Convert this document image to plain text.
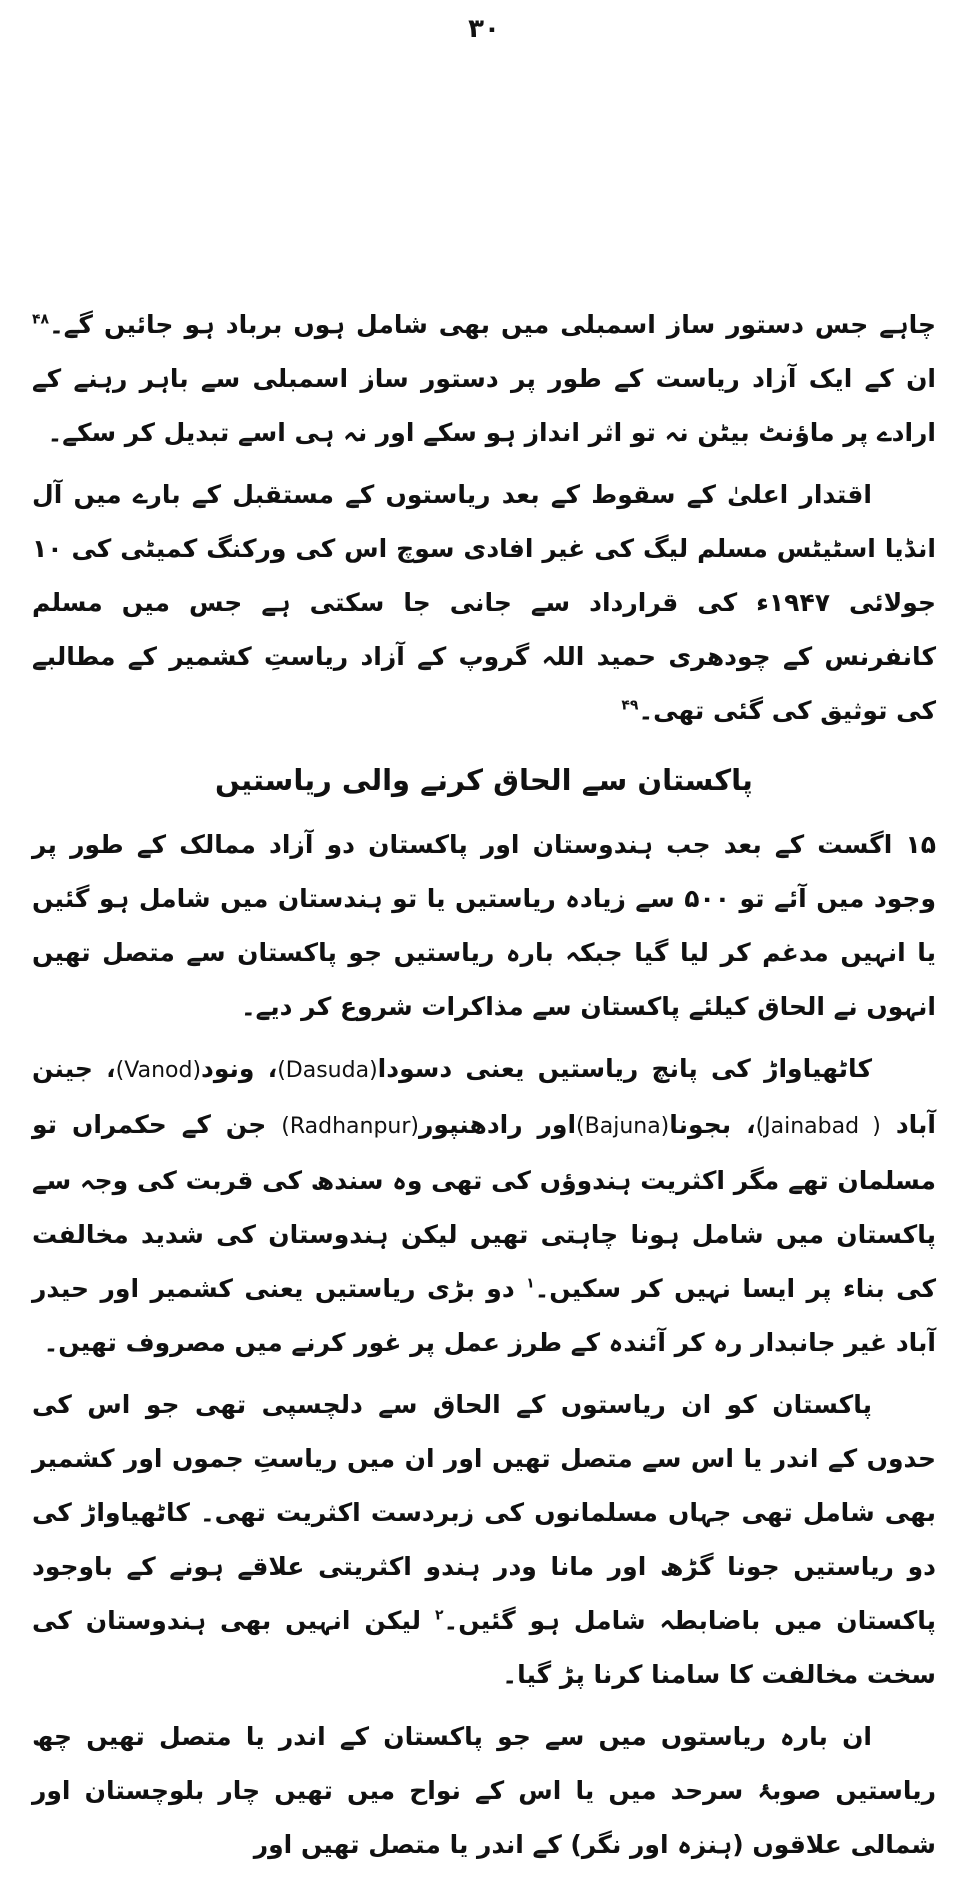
۳۰

چاہے جس دستور ساز اسمبلی میں بھی شامل ہوں برباد ہو جائیں گے۔$^{۴۸}$ ان کے ایک آزاد ریاست کے طور پر دستور ساز اسمبلی سے باہر رہنے کے ارادے پر ماؤنٹ بیٹن نہ تو اثر انداز ہو سکے اور نہ ہی اسے تبدیل کر سکے۔

اقتدار اعلیٰ کے سقوط کے بعد ریاستوں کے مستقبل کے بارے میں آل انڈیا اسٹیٹس مسلم لیگ کی غیر افادی سوچ اس کی ورکنگ کمیٹی کی ۱۰ جولائی ۱۹۴۷ء کی قرارداد سے جانی جا سکتی ہے جس میں مسلم کانفرنس کے چودھری حمید اللہ گروپ کے آزاد ریاستِ کشمیر کے مطالبے کی توثیق کی گئی تھی۔$^{۴۹}$

پاکستان سے الحاق کرنے والی ریاستیں

۱۵ اگست کے بعد جب ہندوستان اور پاکستان دو آزاد ممالک کے طور پر وجود میں آئے تو ۵۰۰ سے زیادہ ریاستیں یا تو ہندستان میں شامل ہو گئیں یا انہیں مدغم کر لیا گیا جبکہ بارہ ریاستیں جو پاکستان سے متصل تھیں انہوں نے الحاق کیلئے پاکستان سے مذاکرات شروع کر دیے۔

کاٹھیاواڑ کی پانچ ریاستیں یعنی دسودا(Dasuda)، ونود(Vanod)، جینن آباد (Jainabad )، بجونا(Bajuna)اور رادھنپور(Radhanpur) جن کے حکمراں تو مسلمان تھے مگر اکثریت ہندوؤں کی تھی وہ سندھ کی قربت کی وجہ سے پاکستان میں شامل ہونا چاہتی تھیں لیکن ہندوستان کی شدید مخالفت کی بناء پر ایسا نہیں کر سکیں۔$^۱$ دو بڑی ریاستیں یعنی کشمیر اور حیدر آباد غیر جانبدار رہ کر آئندہ کے طرز عمل پر غور کرنے میں مصروف تھیں۔

پاکستان کو ان ریاستوں کے الحاق سے دلچسپی تھی جو اس کی حدوں کے اندر یا اس سے متصل تھیں اور ان میں ریاستِ جموں اور کشمیر بھی شامل تھی جہاں مسلمانوں کی زبردست اکثریت تھی۔ کاٹھیاواڑ کی دو ریاستیں جونا گڑھ اور مانا ودر ہندو اکثریتی علاقے ہونے کے باوجود پاکستان میں باضابطہ شامل ہو گئیں۔$^۲$ لیکن انہیں بھی ہندوستان کی سخت مخالفت کا سامنا کرنا پڑ گیا۔

ان بارہ ریاستوں میں سے جو پاکستان کے اندر یا متصل تھیں چھ ریاستیں صوبۂ سرحد میں یا اس کے نواح میں تھیں چار بلوچستان اور شمالی علاقوں (ہنزہ اور نگر) کے اندر یا متصل تھیں اور
